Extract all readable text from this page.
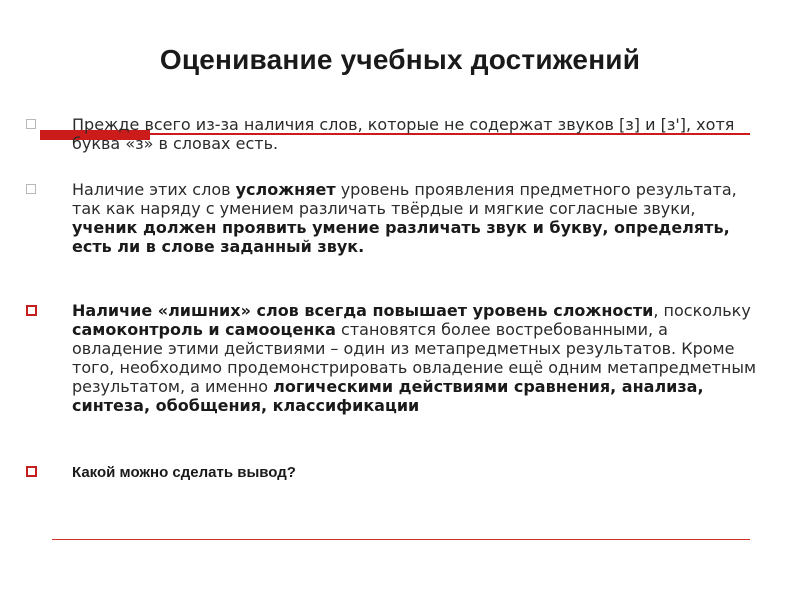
Оценивание учебных достижений
Прежде всего из-за наличия слов, которые не содержат звуков [з] и [з'], хотя буква «з» в словах есть.
Наличие этих слов усложняет уровень проявления предметного результата, так как наряду с умением различать твёрдые и мягкие согласные звуки, ученик должен проявить умение различать звук и букву, определять, есть ли в слове заданный звук.
Наличие «лишних» слов всегда повышает уровень сложности, поскольку самоконтроль и самооценка становятся более востребованными, а овладение этими действиями – один из метапредметных результатов. Кроме того, необходимо продемонстрировать овладение ещё одним метапредметным результатом, а именно логическими действиями сравнения, анализа, синтеза, обобщения, классификации
Какой можно сделать вывод?
